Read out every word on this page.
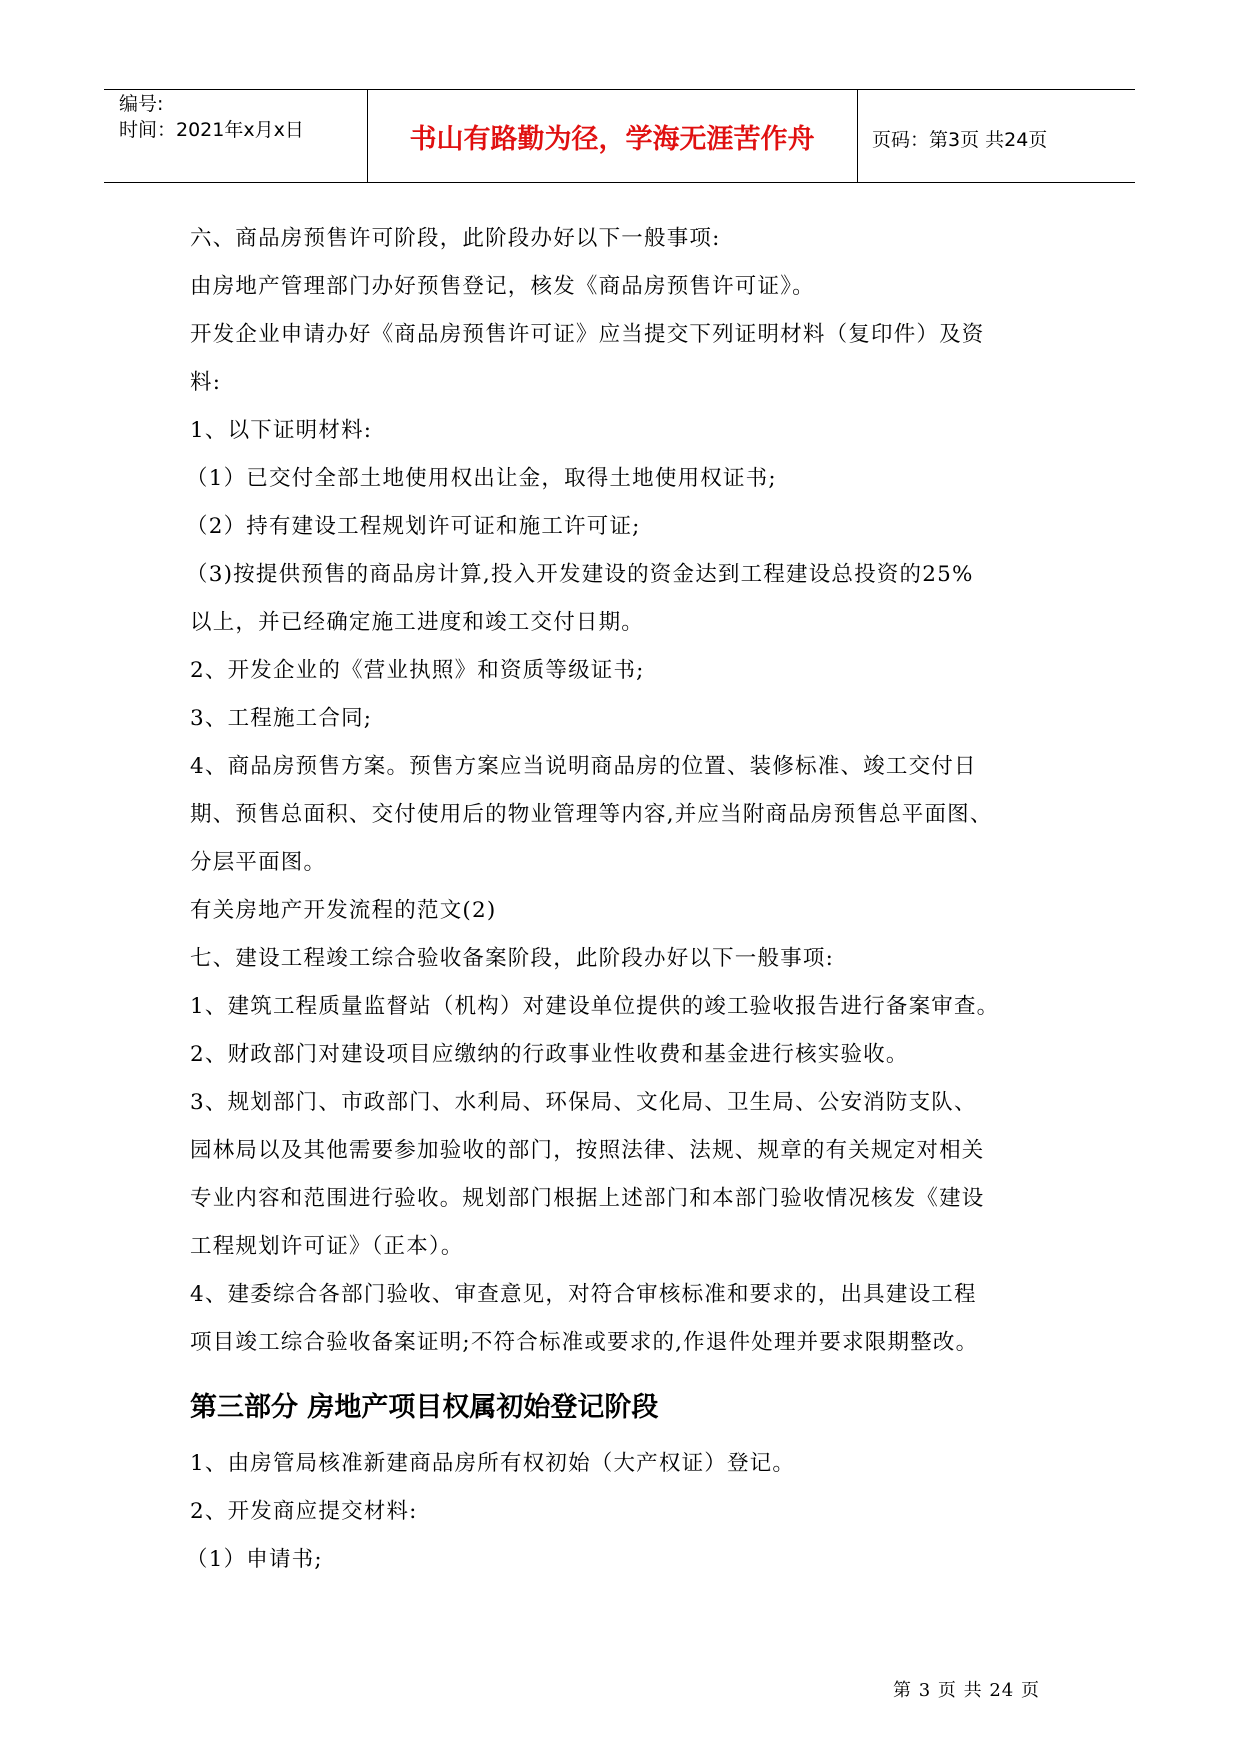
编号:
时间：2021年x月x日	书山有路勤为径，学海无涯苦作舟	页码：第3页 共24页
六、商品房预售许可阶段，此阶段办好以下一般事项:
由房地产管理部门办好预售登记，核发《商品房预售许可证》。
开发企业申请办好《商品房预售许可证》应当提交下列证明材料（复印件）及资
料:
1、以下证明材料:
（1）已交付全部土地使用权出让金，取得土地使用权证书;
（2）持有建设工程规划许可证和施工许可证;
（3)按提供预售的商品房计算,投入开发建设的资金达到工程建设总投资的25%
以上，并已经确定施工进度和竣工交付日期。
2、开发企业的《营业执照》和资质等级证书;
3、工程施工合同;
4、商品房预售方案。预售方案应当说明商品房的位置、装修标准、竣工交付日
期、预售总面积、交付使用后的物业管理等内容,并应当附商品房预售总平面图、
分层平面图。
有关房地产开发流程的范文(2)
七、建设工程竣工综合验收备案阶段，此阶段办好以下一般事项:
1、建筑工程质量监督站（机构）对建设单位提供的竣工验收报告进行备案审查。
2、财政部门对建设项目应缴纳的行政事业性收费和基金进行核实验收。
3、规划部门、市政部门、水利局、环保局、文化局、卫生局、公安消防支队、
园林局以及其他需要参加验收的部门，按照法律、法规、规章的有关规定对相关
专业内容和范围进行验收。规划部门根据上述部门和本部门验收情况核发《建设
工程规划许可证》（正本）。
4、建委综合各部门验收、审查意见，对符合审核标准和要求的，出具建设工程
项目竣工综合验收备案证明;不符合标准或要求的,作退件处理并要求限期整改。
第三部分 房地产项目权属初始登记阶段
1、由房管局核准新建商品房所有权初始（大产权证）登记。
2、开发商应提交材料:
（1）申请书;
第 3 页 共 24 页
